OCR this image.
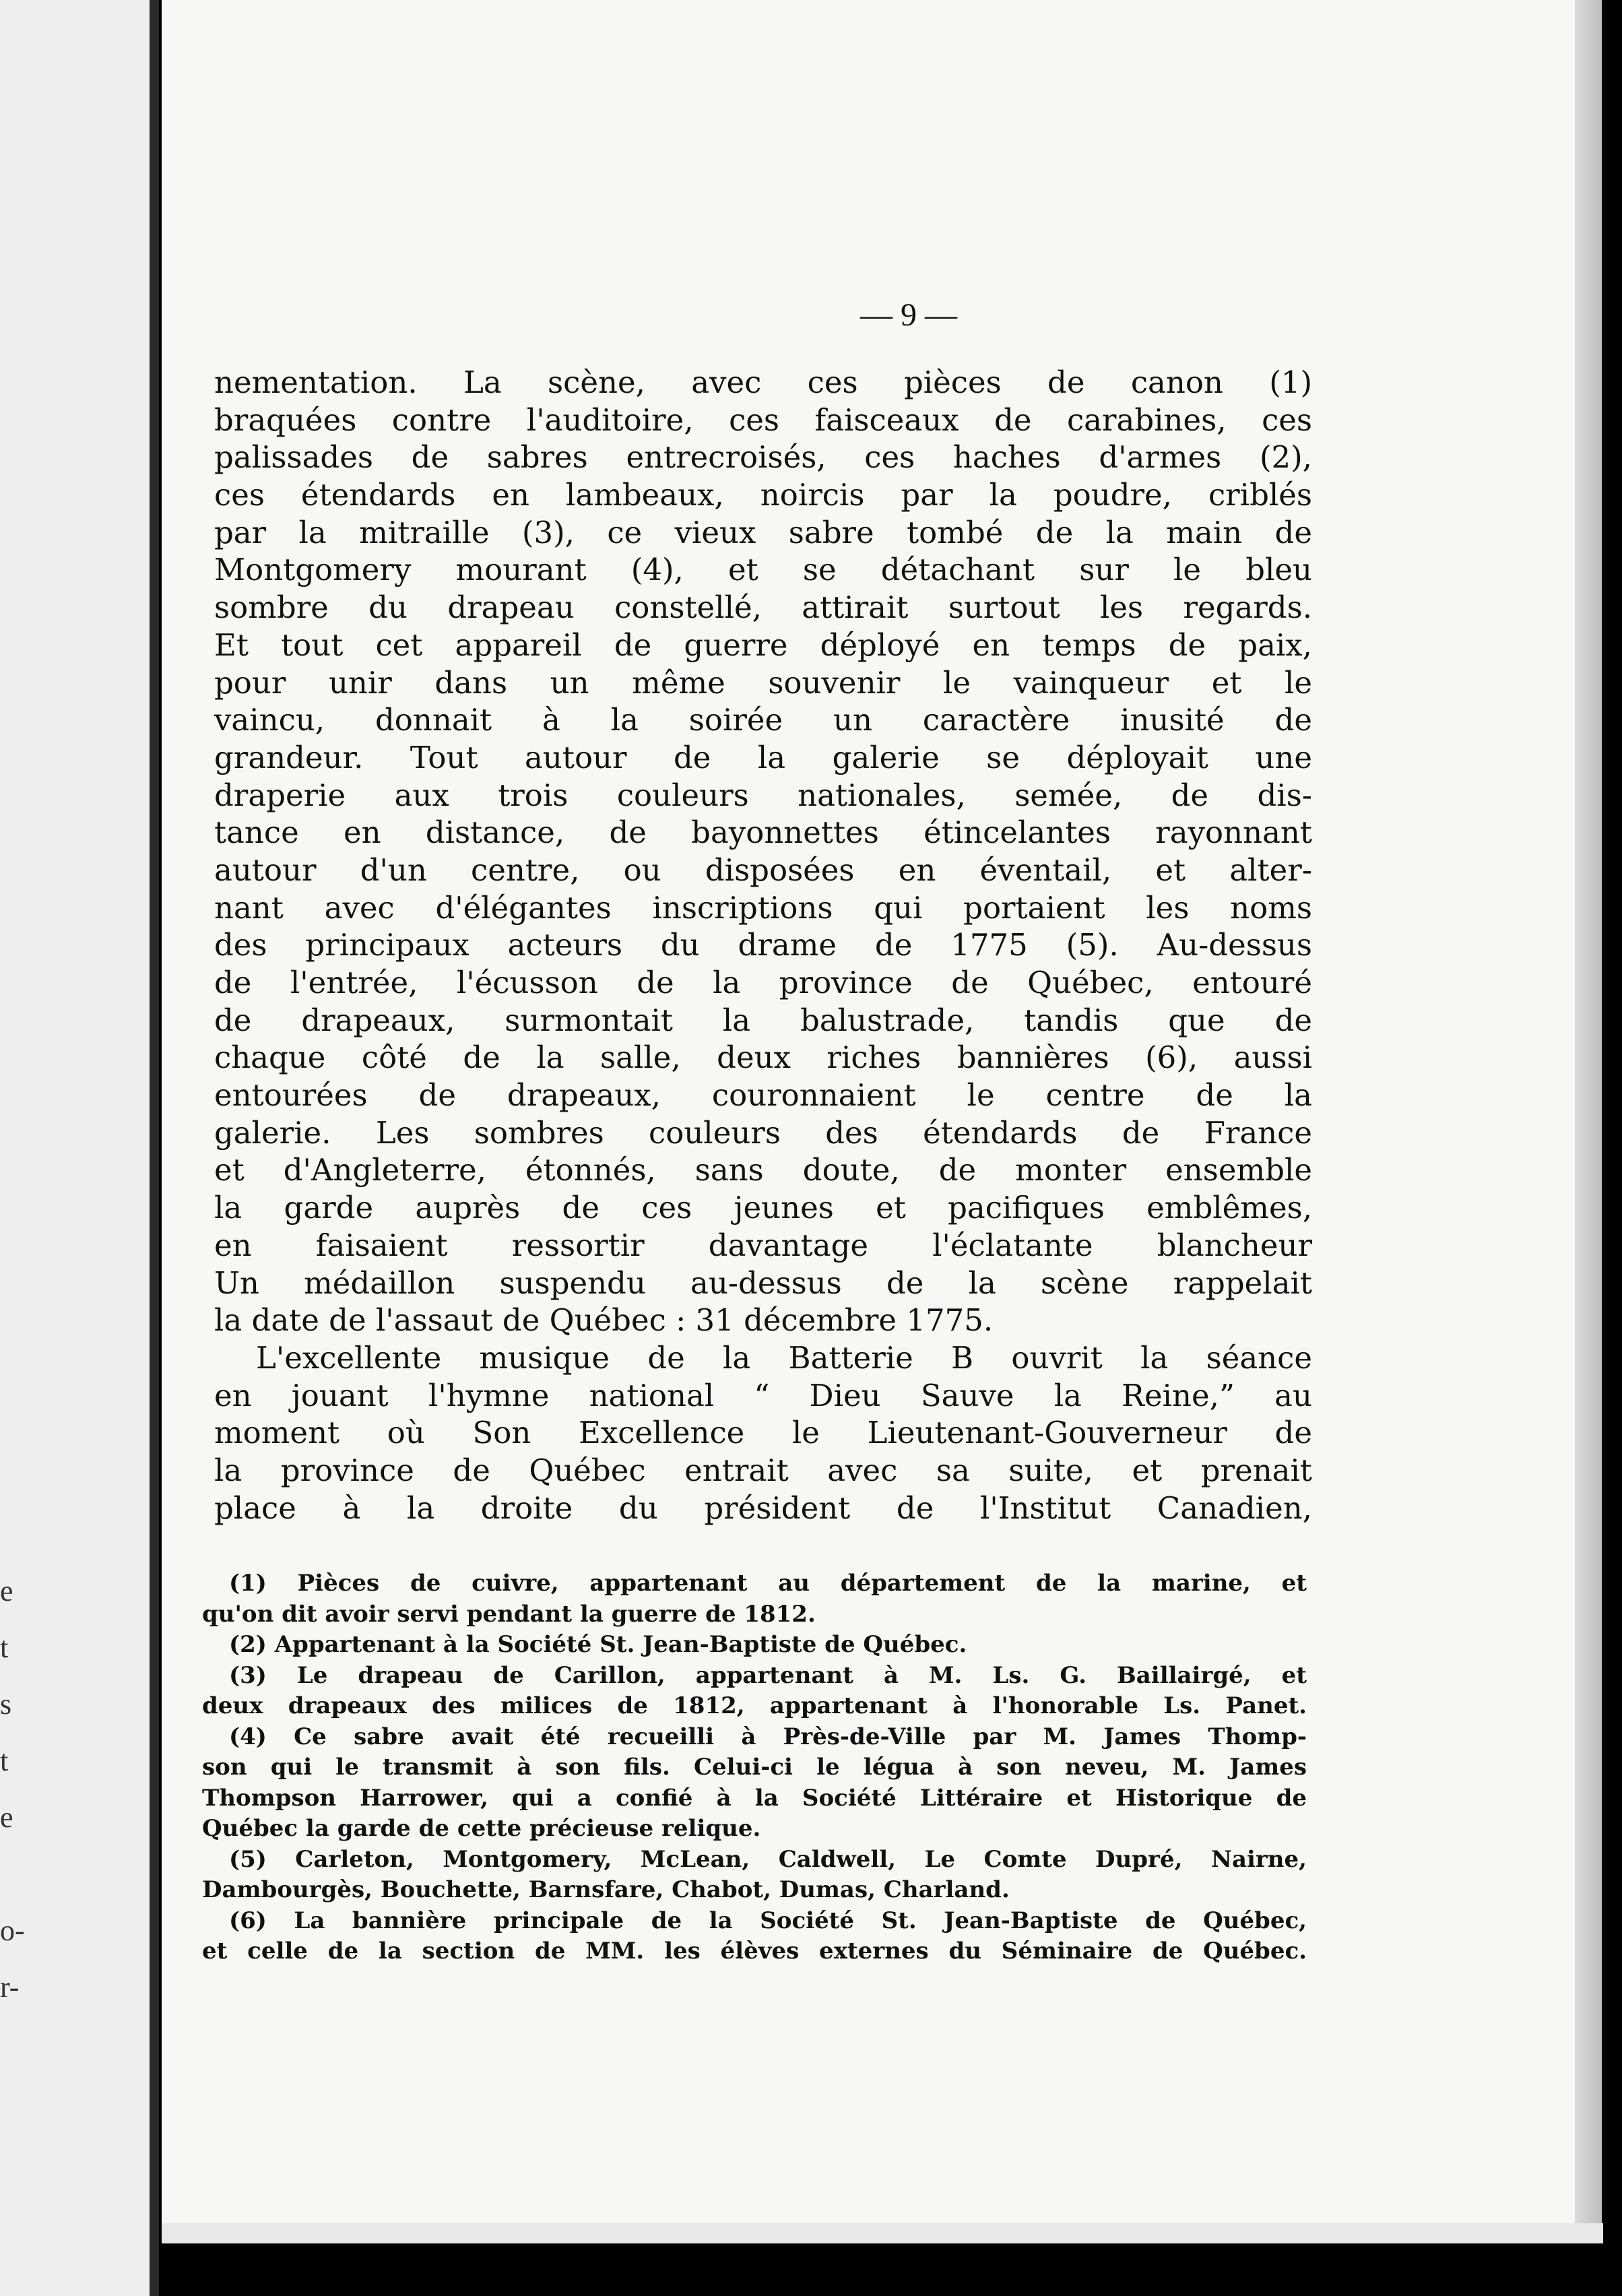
e
t
s
t
e
o-
r-
— 9 —
nementation. La scène, avec ces pièces de canon (1)
braquées contre l'auditoire, ces faisceaux de carabines, ces
palissades de sabres entrecroisés, ces haches d'armes (2),
ces étendards en lambeaux, noircis par la poudre, criblés
par la mitraille (3), ce vieux sabre tombé de la main de
Montgomery mourant (4), et se détachant sur le bleu
sombre du drapeau constellé, attirait surtout les regards.
Et tout cet appareil de guerre déployé en temps de paix,
pour unir dans un même souvenir le vainqueur et le
vaincu, donnait à la soirée un caractère inusité de
grandeur. Tout autour de la galerie se déployait une
draperie aux trois couleurs nationales, semée, de dis-
tance en distance, de bayonnettes étincelantes rayonnant
autour d'un centre, ou disposées en éventail, et alter-
nant avec d'élégantes inscriptions qui portaient les noms
des principaux acteurs du drame de 1775 (5). Au-dessus
de l'entrée, l'écusson de la province de Québec, entouré
de drapeaux, surmontait la balustrade, tandis que de
chaque côté de la salle, deux riches bannières (6), aussi
entourées de drapeaux, couronnaient le centre de la
galerie. Les sombres couleurs des étendards de France
et d'Angleterre, étonnés, sans doute, de monter ensemble
la garde auprès de ces jeunes et pacifiques emblêmes,
en faisaient ressortir davantage l'éclatante blancheur
Un médaillon suspendu au-dessus de la scène rappelait
la date de l'assaut de Québec : 31 décembre 1775.
L'excellente musique de la Batterie B ouvrit la séance
en jouant l'hymne national “ Dieu Sauve la Reine,” au
moment où Son Excellence le Lieutenant-Gouverneur de
la province de Québec entrait avec sa suite, et prenait
place à la droite du président de l'Institut Canadien,
(1) Pièces de cuivre, appartenant au département de la marine, et
qu'on dit avoir servi pendant la guerre de 1812.
(2) Appartenant à la Société St. Jean-Baptiste de Québec.
(3) Le drapeau de Carillon, appartenant à M. Ls. G. Baillairgé, et
deux drapeaux des milices de 1812, appartenant à l'honorable Ls. Panet.
(4) Ce sabre avait été recueilli à Près-de-Ville par M. James Thomp-
son qui le transmit à son fils. Celui-ci le légua à son neveu, M. James
Thompson Harrower, qui a confié à la Société Littéraire et Historique de
Québec la garde de cette précieuse relique.
(5) Carleton, Montgomery, McLean, Caldwell, Le Comte Dupré, Nairne,
Dambourgès, Bouchette, Barnsfare, Chabot, Dumas, Charland.
(6) La bannière principale de la Société St. Jean-Baptiste de Québec,
et celle de la section de MM. les élèves externes du Séminaire de Québec.
